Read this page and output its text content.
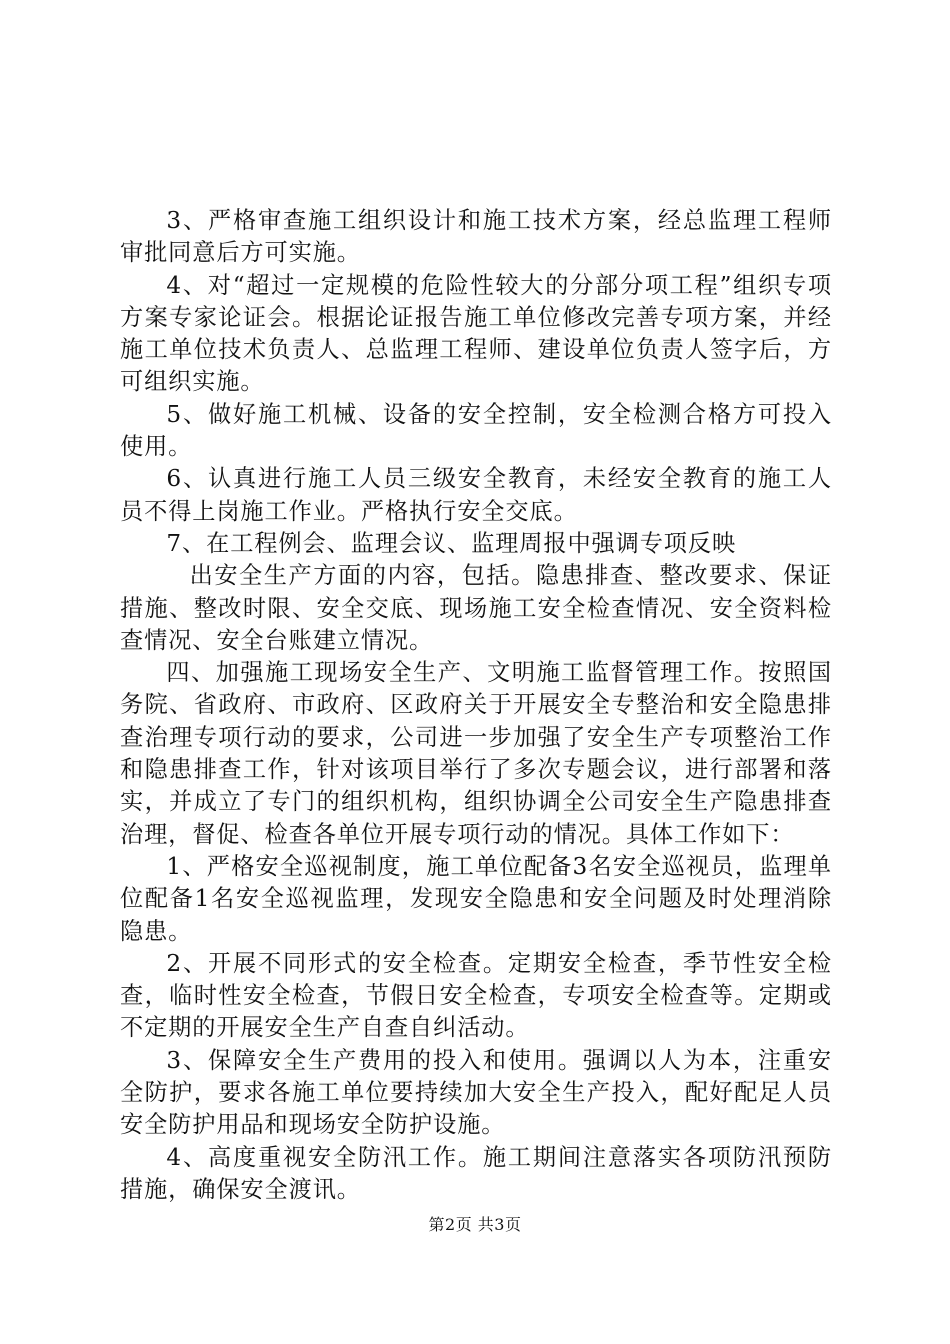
3、严格审查施工组织设计和施工技术方案，经总监理工程师审批同意后方可实施。

4、对“超过一定规模的危险性较大的分部分项工程”组织专项方案专家论证会。根据论证报告施工单位修改完善专项方案，并经施工单位技术负责人、总监理工程师、建设单位负责人签字后，方可组织实施。

5、做好施工机械、设备的安全控制，安全检测合格方可投入使用。

6、认真进行施工人员三级安全教育，未经安全教育的施工人员不得上岗施工作业。严格执行安全交底。

7、在工程例会、监理会议、监理周报中强调专项反映

出安全生产方面的内容，包括。隐患排查、整改要求、保证措施、整改时限、安全交底、现场施工安全检查情况、安全资料检查情况、安全台账建立情况。

四、加强施工现场安全生产、文明施工监督管理工作。按照国务院、省政府、市政府、区政府关于开展安全专整治和安全隐患排查治理专项行动的要求，公司进一步加强了安全生产专项整治工作和隐患排查工作，针对该项目举行了多次专题会议，进行部署和落实，并成立了专门的组织机构，组织协调全公司安全生产隐患排查治理，督促、检查各单位开展专项行动的情况。具体工作如下：

1、严格安全巡视制度，施工单位配备3名安全巡视员，监理单位配备1名安全巡视监理，发现安全隐患和安全问题及时处理消除隐患。

2、开展不同形式的安全检查。定期安全检查，季节性安全检查，临时性安全检查，节假日安全检查，专项安全检查等。定期或不定期的开展安全生产自查自纠活动。

3、保障安全生产费用的投入和使用。强调以人为本，注重安全防护，要求各施工单位要持续加大安全生产投入，配好配足人员安全防护用品和现场安全防护设施。

4、高度重视安全防汛工作。施工期间注意落实各项防汛预防措施，确保安全渡讯。

第2页 共3页
